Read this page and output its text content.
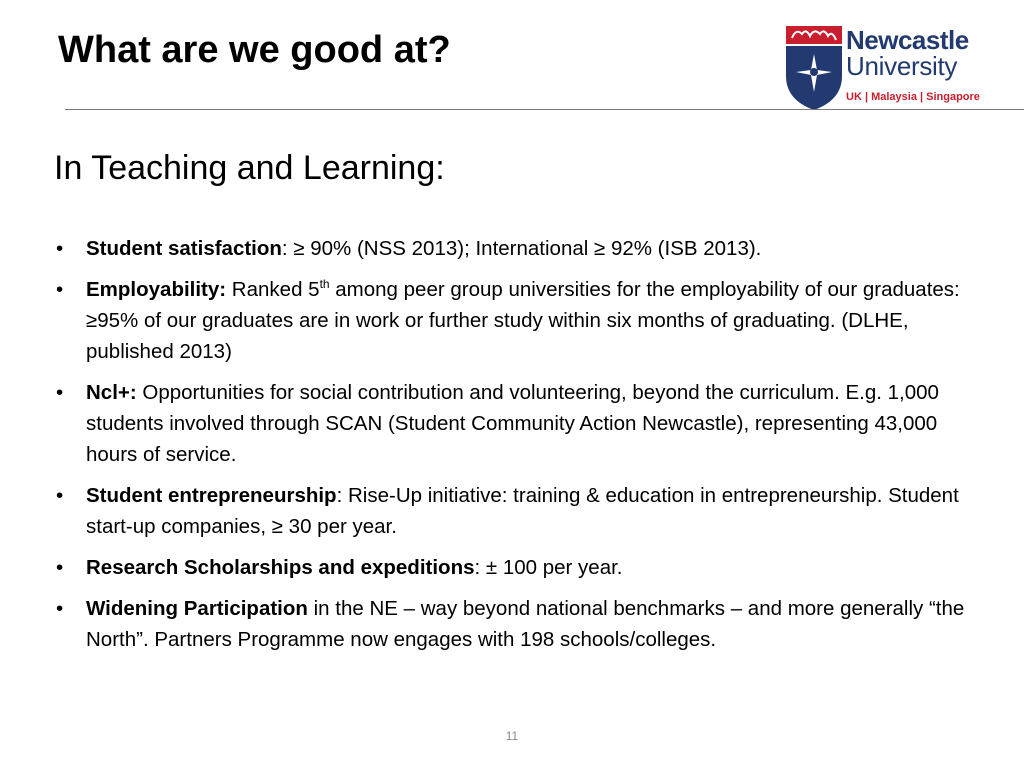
What are we good at?	Newcastle
University
UK | Malaysia | Singapore
In Teaching and Learning:
•	Student satisfaction: ≥ 90% (NSS 2013); International ≥ 92% (ISB 2013).
•	Employability: Ranked 5th among peer group universities for the employability of our graduates: ≥95% of our graduates are in work or further study within six months of graduating. (DLHE, published 2013)
•	Ncl+: Opportunities for social contribution and volunteering, beyond the curriculum. E.g. 1,000 students involved through SCAN (Student Community Action Newcastle), representing 43,000 hours of service.
•	Student entrepreneurship: Rise-Up initiative: training & education in entrepreneurship. Student start-up companies, ≥ 30 per year.
•	Research Scholarships and expeditions: ± 100 per year.
•	Widening Participation in the NE – way beyond national benchmarks – and more generally “the North”. Partners Programme now engages with 198 schools/colleges.
11
